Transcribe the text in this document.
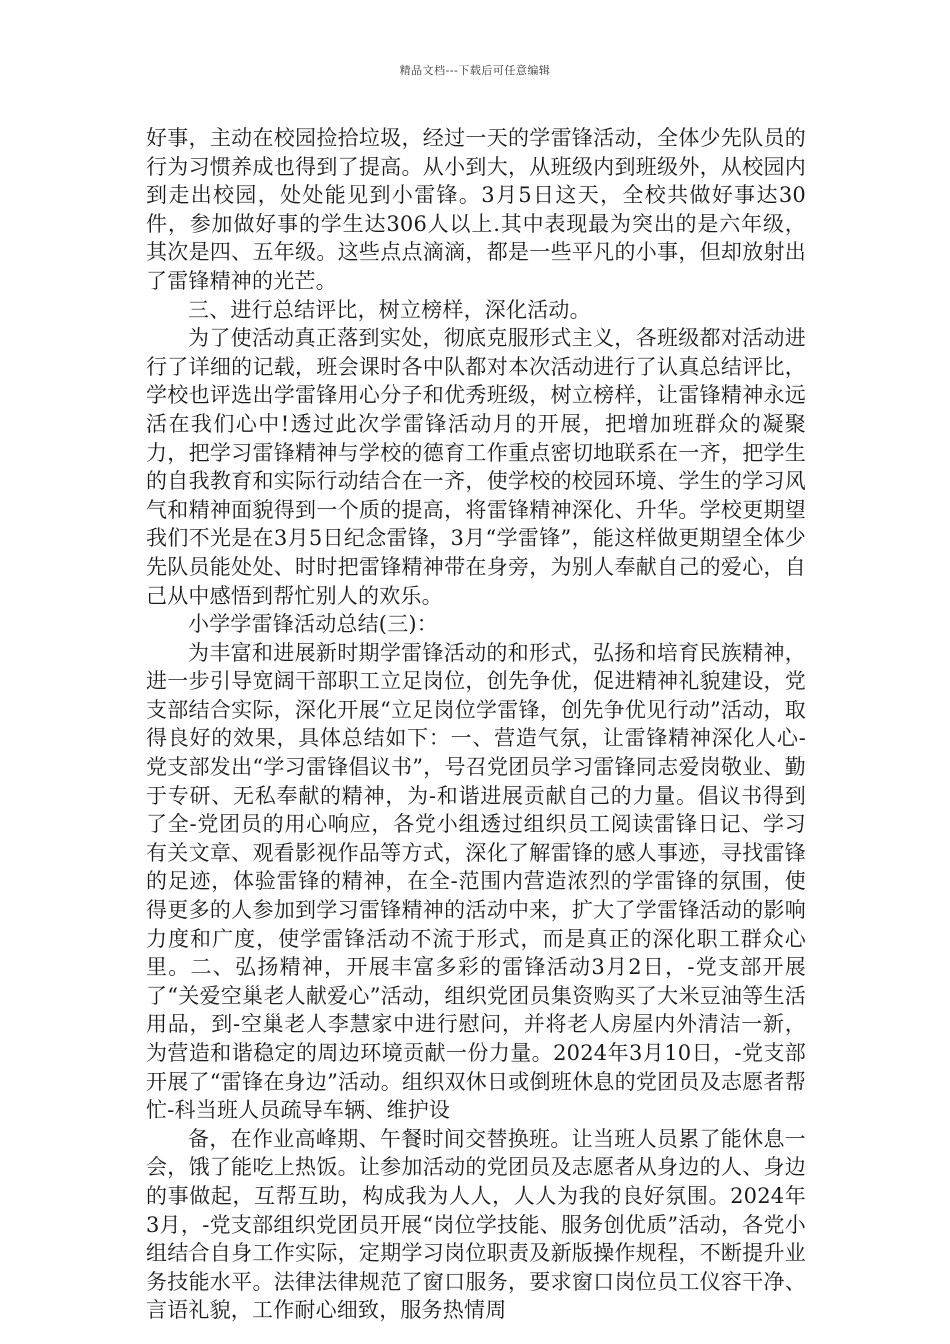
精品文档---下载后可任意编辑

好事，主动在校园捡拾垃圾，经过一天的学雷锋活动，全体少先队员的行为习惯养成也得到了提高。从小到大，从班级内到班级外，从校园内到走出校园，处处能见到小雷锋。3月5日这天，全校共做好事达30件，参加做好事的学生达306人以上.其中表现最为突出的是六年级，其次是四、五年级。这些点点滴滴，都是一些平凡的小事，但却放射出了雷锋精神的光芒。

三、进行总结评比，树立榜样，深化活动。

为了使活动真正落到实处，彻底克服形式主义，各班级都对活动进行了详细的记载，班会课时各中队都对本次活动进行了认真总结评比，学校也评选出学雷锋用心分子和优秀班级，树立榜样，让雷锋精神永远活在我们心中!透过此次学雷锋活动月的开展，把增加班群众的凝聚力，把学习雷锋精神与学校的德育工作重点密切地联系在一齐，把学生的自我教育和实际行动结合在一齐，使学校的校园环境、学生的学习风气和精神面貌得到一个质的提高，将雷锋精神深化、升华。学校更期望我们不光是在3月5日纪念雷锋，3月“学雷锋”，能这样做更期望全体少先队员能处处、时时把雷锋精神带在身旁，为别人奉献自己的爱心，自己从中感悟到帮忙别人的欢乐。

小学学雷锋活动总结(三)：

为丰富和进展新时期学雷锋活动的和形式，弘扬和培育民族精神，进一步引导宽阔干部职工立足岗位，创先争优，促进精神礼貌建设，党支部结合实际，深化开展“立足岗位学雷锋，创先争优见行动”活动，取得良好的效果，具体总结如下：一、营造气氛，让雷锋精神深化人心-党支部发出“学习雷锋倡议书”，号召党团员学习雷锋同志爱岗敬业、勤于专研、无私奉献的精神，为-和谐进展贡献自己的力量。倡议书得到了全-党团员的用心响应，各党小组透过组织员工阅读雷锋日记、学习有关文章、观看影视作品等方式，深化了解雷锋的感人事迹，寻找雷锋的足迹，体验雷锋的精神，在全-范围内营造浓烈的学雷锋的氛围，使得更多的人参加到学习雷锋精神的活动中来，扩大了学雷锋活动的影响力度和广度，使学雷锋活动不流于形式，而是真正的深化职工群众心里。二、弘扬精神，开展丰富多彩的雷锋活动3月2日，-党支部开展了“关爱空巢老人献爱心”活动，组织党团员集资购买了大米豆油等生活用品，到-空巢老人李慧家中进行慰问，并将老人房屋内外清洁一新，为营造和谐稳定的周边环境贡献一份力量。2024年3月10日，-党支部开展了“雷锋在身边”活动。组织双休日或倒班休息的党团员及志愿者帮忙-科当班人员疏导车辆、维护设

备，在作业高峰期、午餐时间交替换班。让当班人员累了能休息一会，饿了能吃上热饭。让参加活动的党团员及志愿者从身边的人、身边的事做起，互帮互助，构成我为人人，人人为我的良好氛围。2024年3月，-党支部组织党团员开展“岗位学技能、服务创优质”活动，各党小组结合自身工作实际，定期学习岗位职责及新版操作规程，不断提升业务技能水平。法律法律规范了窗口服务，要求窗口岗位员工仪容干净、言语礼貌，工作耐心细致，服务热情周
